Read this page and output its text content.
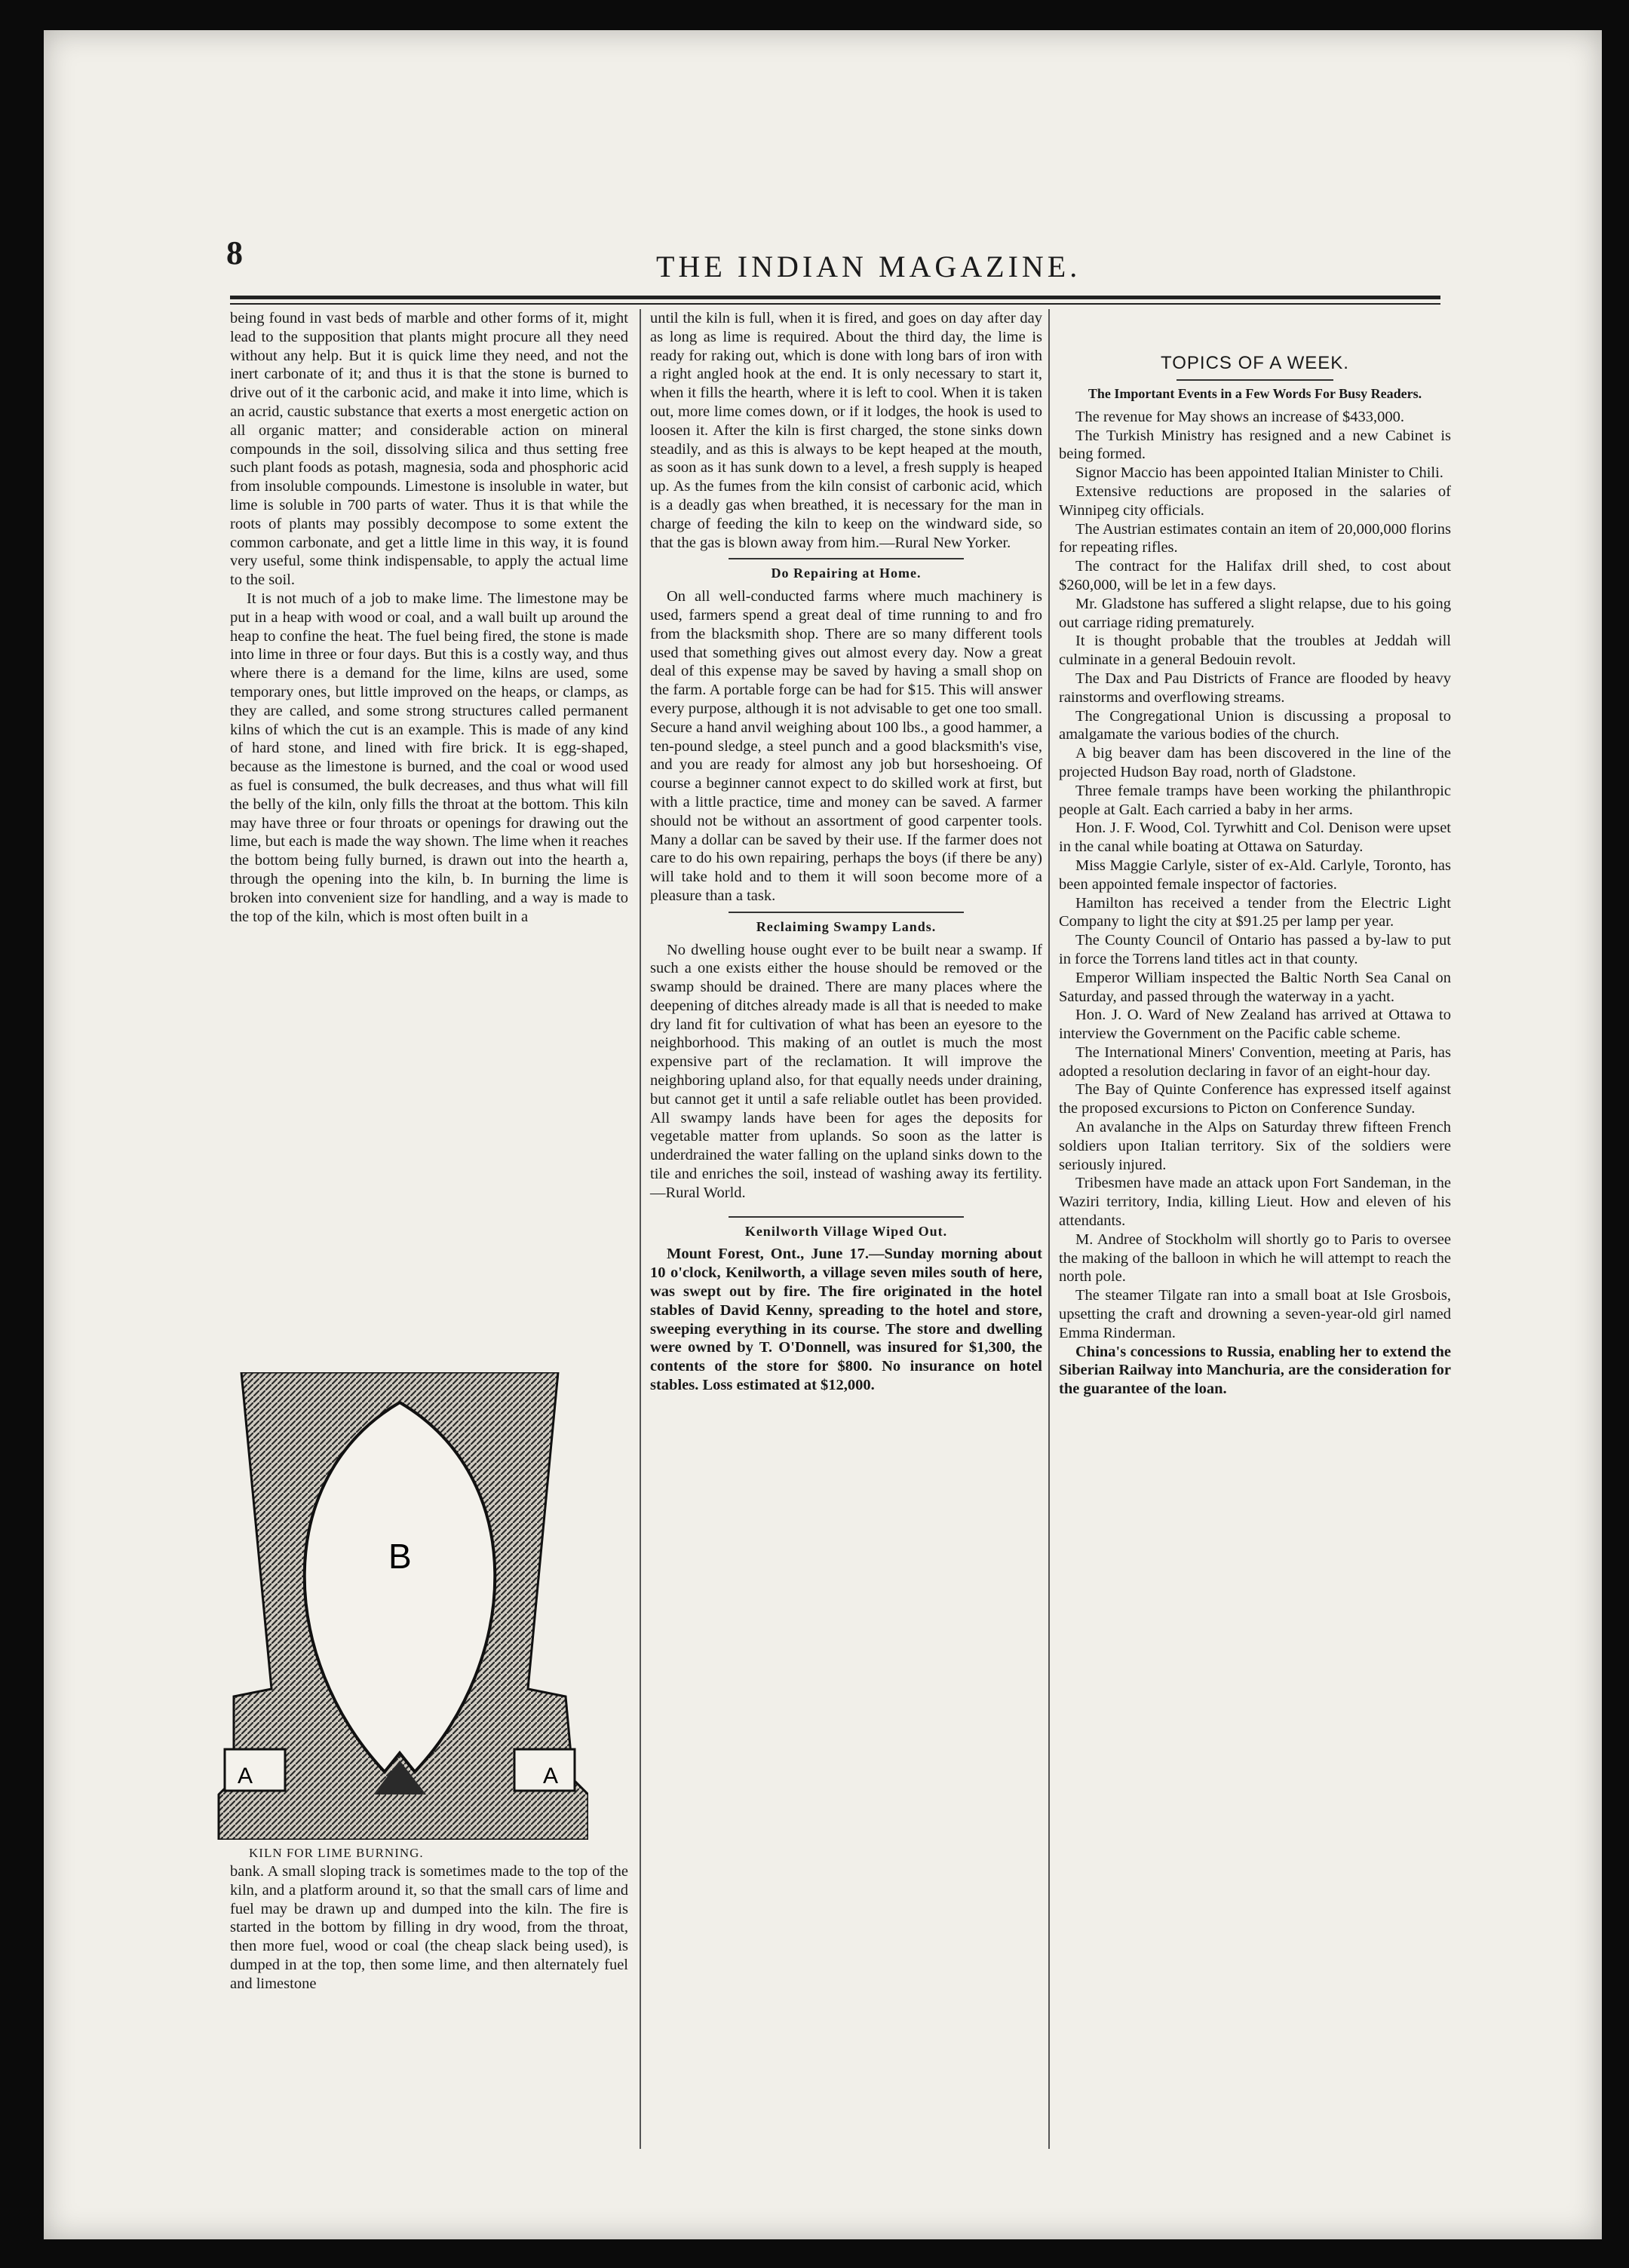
8	THE INDIAN MAGAZINE.

being found in vast beds of marble and other forms of it, might lead to the supposition that plants might procure all they need without any help. But it is quick lime they need, and not the inert carbonate of it; and thus it is that the stone is burned to drive out of it the carbonic acid, and make it into lime, which is an acrid, caustic substance that exerts a most energetic action on all organic matter; and considerable action on mineral compounds in the soil, dissolving silica and thus setting free such plant foods as potash, magnesia, soda and phosphoric acid from insoluble compounds. Limestone is insoluble in water, but lime is soluble in 700 parts of water. Thus it is that while the roots of plants may possibly decompose to some extent the common carbonate, and get a little lime in this way, it is found very useful, some think indispensable, to apply the actual lime to the soil.

It is not much of a job to make lime. The limestone may be put in a heap with wood or coal, and a wall built up around the heap to confine the heat. The fuel being fired, the stone is made into lime in three or four days. But this is a costly way, and thus where there is a demand for the lime, kilns are used, some temporary ones, but little improved on the heaps, or clamps, as they are called, and some strong structures called permanent kilns of which the cut is an example. This is made of any kind of hard stone, and lined with fire brick. It is egg-shaped, because as the limestone is burned, and the coal or wood used as fuel is consumed, the bulk decreases, and thus what will fill the belly of the kiln, only fills the throat at the bottom. This kiln may have three or four throats or openings for drawing out the lime, but each is made the way shown. The lime when it reaches the bottom being fully burned, is drawn out into the hearth a, through the opening into the kiln, b. In burning the lime is broken into convenient size for handling, and a way is made to the top of the kiln, which is most often built in a

B
A	A
KILN FOR LIME BURNING.

bank. A small sloping track is sometimes made to the top of the kiln, and a platform around it, so that the small cars of lime and fuel may be drawn up and dumped into the kiln. The fire is started in the bottom by filling in dry wood, from the throat, then more fuel, wood or coal (the cheap slack being used), is dumped in at the top, then some lime, and then alternately fuel and limestone

until the kiln is full, when it is fired, and goes on day after day as long as lime is required. About the third day, the lime is ready for raking out, which is done with long bars of iron with a right angled hook at the end. It is only necessary to start it, when it fills the hearth, where it is left to cool. When it is taken out, more lime comes down, or if it lodges, the hook is used to loosen it. After the kiln is first charged, the stone sinks down steadily, and as this is always to be kept heaped at the mouth, as soon as it has sunk down to a level, a fresh supply is heaped up. As the fumes from the kiln consist of carbonic acid, which is a deadly gas when breathed, it is necessary for the man in charge of feeding the kiln to keep on the windward side, so that the gas is blown away from him.—Rural New Yorker.

Do Repairing at Home.

On all well-conducted farms where much machinery is used, farmers spend a great deal of time running to and fro from the blacksmith shop. There are so many different tools used that something gives out almost every day. Now a great deal of this expense may be saved by having a small shop on the farm. A portable forge can be had for $15. This will answer every purpose, although it is not advisable to get one too small. Secure a hand anvil weighing about 100 lbs., a good hammer, a ten-pound sledge, a steel punch and a good blacksmith's vise, and you are ready for almost any job but horseshoeing. Of course a beginner cannot expect to do skilled work at first, but with a little practice, time and money can be saved. A farmer should not be without an assortment of good carpenter tools. Many a dollar can be saved by their use. If the farmer does not care to do his own repairing, perhaps the boys (if there be any) will take hold and to them it will soon become more of a pleasure than a task.

Reclaiming Swampy Lands.

No dwelling house ought ever to be built near a swamp. If such a one exists either the house should be removed or the swamp should be drained. There are many places where the deepening of ditches already made is all that is needed to make dry land fit for cultivation of what has been an eyesore to the neighborhood. This making of an outlet is much the most expensive part of the reclamation. It will improve the neighboring upland also, for that equally needs under draining, but cannot get it until a safe reliable outlet has been provided. All swampy lands have been for ages the deposits for vegetable matter from uplands. So soon as the latter is underdrained the water falling on the upland sinks down to the tile and enriches the soil, instead of washing away its fertility. —Rural World.

Kenilworth Village Wiped Out.

Mount Forest, Ont., June 17.—Sunday morning about 10 o'clock, Kenilworth, a village seven miles south of here, was swept out by fire. The fire originated in the hotel stables of David Kenny, spreading to the hotel and store, sweeping everything in its course. The store and dwelling were owned by T. O'Donnell, was insured for $1,300, the contents of the store for $800. No insurance on hotel stables. Loss estimated at $12,000.

TOPICS OF A WEEK.
The Important Events in a Few Words For Busy Readers.

The revenue for May shows an increase of $433,000.

The Turkish Ministry has resigned and a new Cabinet is being formed.

Signor Maccio has been appointed Italian Minister to Chili.

Extensive reductions are proposed in the salaries of Winnipeg city officials.

The Austrian estimates contain an item of 20,000,000 florins for repeating rifles.

The contract for the Halifax drill shed, to cost about $260,000, will be let in a few days.

Mr. Gladstone has suffered a slight relapse, due to his going out carriage riding prematurely.

It is thought probable that the troubles at Jeddah will culminate in a general Bedouin revolt.

The Dax and Pau Districts of France are flooded by heavy rainstorms and overflowing streams.

The Congregational Union is discussing a proposal to amalgamate the various bodies of the church.

A big beaver dam has been discovered in the line of the projected Hudson Bay road, north of Gladstone.

Three female tramps have been working the philanthropic people at Galt. Each carried a baby in her arms.

Hon. J. F. Wood, Col. Tyrwhitt and Col. Denison were upset in the canal while boating at Ottawa on Saturday.

Miss Maggie Carlyle, sister of ex-Ald. Carlyle, Toronto, has been appointed female inspector of factories.

Hamilton has received a tender from the Electric Light Company to light the city at $91.25 per lamp per year.

The County Council of Ontario has passed a by-law to put in force the Torrens land titles act in that county.

Emperor William inspected the Baltic North Sea Canal on Saturday, and passed through the waterway in a yacht.

Hon. J. O. Ward of New Zealand has arrived at Ottawa to interview the Government on the Pacific cable scheme.

The International Miners' Convention, meeting at Paris, has adopted a resolution declaring in favor of an eight-hour day.

The Bay of Quinte Conference has expressed itself against the proposed excursions to Picton on Conference Sunday.

An avalanche in the Alps on Saturday threw fifteen French soldiers upon Italian territory. Six of the soldiers were seriously injured.

Tribesmen have made an attack upon Fort Sandeman, in the Waziri territory, India, killing Lieut. How and eleven of his attendants.

M. Andree of Stockholm will shortly go to Paris to oversee the making of the balloon in which he will attempt to reach the north pole.

The steamer Tilgate ran into a small boat at Isle Grosbois, upsetting the craft and drowning a seven-year-old girl named Emma Rinderman.

China's concessions to Russia, enabling her to extend the Siberian Railway into Manchuria, are the consideration for the guarantee of the loan.
